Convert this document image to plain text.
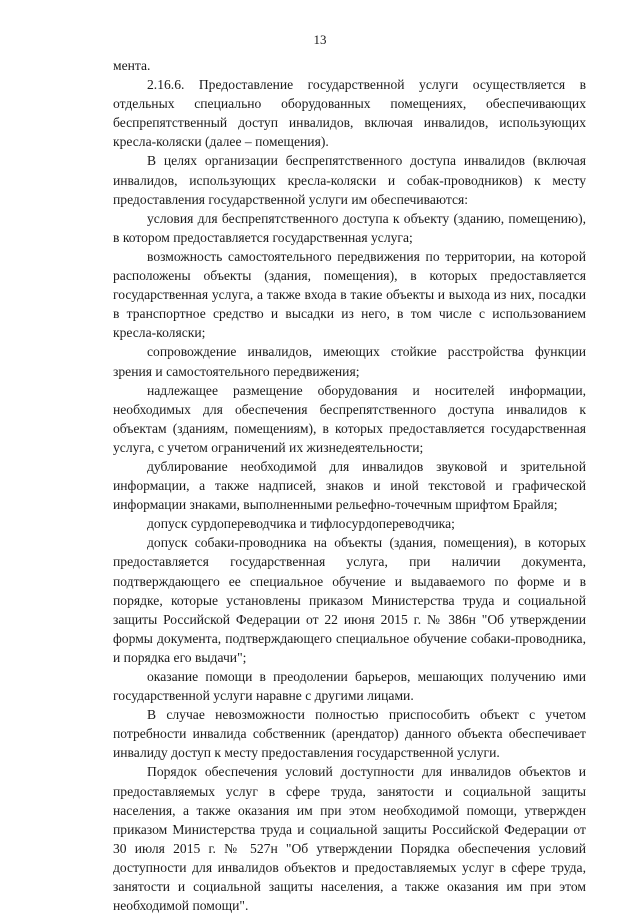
13

мента.

2.16.6. Предоставление государственной услуги осуществляется в отдельных специально оборудованных помещениях, обеспечивающих беспрепятственный доступ инвалидов, включая инвалидов, использующих кресла-коляски (далее – помещения).

В целях организации беспрепятственного доступа инвалидов (включая инвалидов, использующих кресла-коляски и собак-проводников) к месту предоставления государственной услуги им обеспечиваются:

условия для беспрепятственного доступа к объекту (зданию, помещению), в котором предоставляется государственная услуга;

возможность самостоятельного передвижения по территории, на которой расположены объекты (здания, помещения), в которых предоставляется государственная услуга, а также входа в такие объекты и выхода из них, посадки в транспортное средство и высадки из него, в том числе с использованием кресла-коляски;

сопровождение инвалидов, имеющих стойкие расстройства функции зрения и самостоятельного передвижения;

надлежащее размещение оборудования и носителей информации, необходимых для обеспечения беспрепятственного доступа инвалидов к объектам (зданиям, помещениям), в которых предоставляется государственная услуга, с учетом ограничений их жизнедеятельности;

дублирование необходимой для инвалидов звуковой и зрительной информации, а также надписей, знаков и иной текстовой и графической информации знаками, выполненными рельефно-точечным шрифтом Брайля;

допуск сурдопереводчика и тифлосурдопереводчика;

допуск собаки-проводника на объекты (здания, помещения), в которых предоставляется государственная услуга, при наличии документа, подтверждающего ее специальное обучение и выдаваемого по форме и в порядке, которые установлены приказом Министерства труда и социальной защиты Российской Федерации от 22 июня 2015 г. № 386н "Об утверждении формы документа, подтверждающего специальное обучение собаки-проводника, и порядка его выдачи";

оказание помощи в преодолении барьеров, мешающих получению ими государственной услуги наравне с другими лицами.

В случае невозможности полностью приспособить объект с учетом потребности инвалида собственник (арендатор) данного объекта обеспечивает инвалиду доступ к месту предоставления государственной услуги.

Порядок обеспечения условий доступности для инвалидов объектов и предоставляемых услуг в сфере труда, занятости и социальной защиты населения, а также оказания им при этом необходимой помощи, утвержден приказом Министерства труда и социальной защиты Российской Федерации от 30 июля 2015 г. № 527н "Об утверждении Порядка обеспечения условий доступности для инвалидов объектов и предоставляемых услуг в сфере труда, занятости и социальной защиты населения, а также оказания им при этом необходимой помощи".
